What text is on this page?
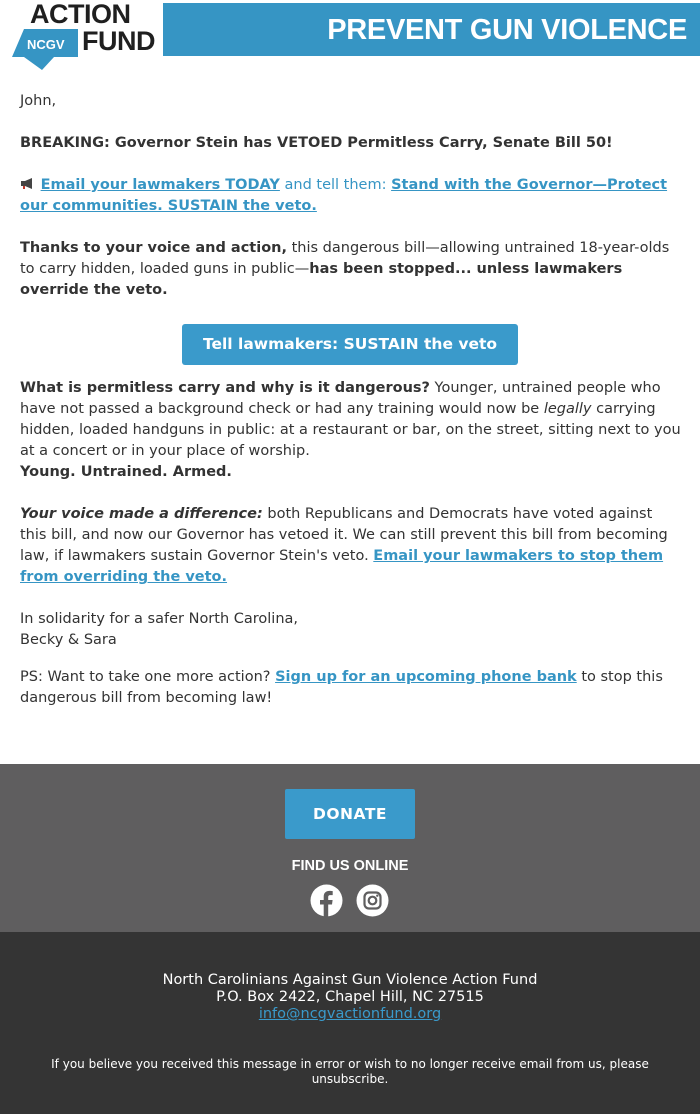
ACTION
NCGV FUND	PREVENT GUN VIOLENCE

John,

BREAKING: Governor Stein has VETOED Permitless Carry, Senate Bill 50!

Email your lawmakers TODAY and tell them: Stand with the Governor—Protect our communities. SUSTAIN the veto.

Thanks to your voice and action, this dangerous bill—allowing untrained 18-year-olds to carry hidden, loaded guns in public—has been stopped... unless lawmakers override the veto.

Tell lawmakers: SUSTAIN the veto

What is permitless carry and why is it dangerous? Younger, untrained people who have not passed a background check or had any training would now be legally carrying hidden, loaded handguns in public: at a restaurant or bar, on the street, sitting next to you at a concert or in your place of worship.

Young. Untrained. Armed.

Your voice made a difference: both Republicans and Democrats have voted against this bill, and now our Governor has vetoed it. We can still prevent this bill from becoming law, if lawmakers sustain Governor Stein's veto. Email your lawmakers to stop them from overriding the veto.

In solidarity for a safer North Carolina,

Becky & Sara

PS: Want to take one more action? Sign up for an upcoming phone bank to stop this dangerous bill from becoming law!

DONATE
FIND US ONLINE
North Carolinians Against Gun Violence Action Fund
P.O. Box 2422, Chapel Hill, NC 27515
info@ncgvactionfund.org
If you believe you received this message in error or wish to no longer receive email from us, please unsubscribe.
